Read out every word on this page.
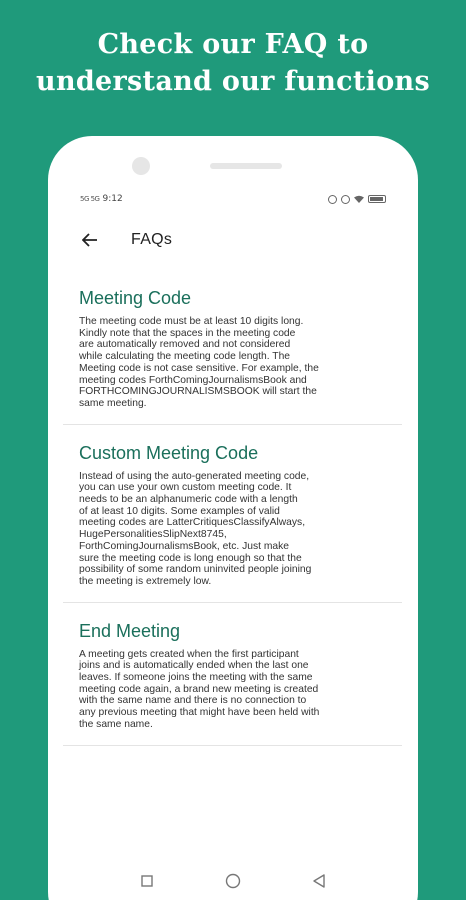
Check our FAQ to
understand our functions
5G 5G 9:12
FAQs
Meeting Code
The meeting code must be at least 10 digits long.
Kindly note that the spaces in the meeting code
are automatically removed and not considered
while calculating the meeting code length. The
Meeting code is not case sensitive. For example, the
meeting codes ForthComingJournalismsBook and
FORTHCOMINGJOURNALISMSBOOK will start the
same meeting.
Custom Meeting Code
Instead of using the auto-generated meeting code,
you can use your own custom meeting code. It
needs to be an alphanumeric code with a length
of at least 10 digits. Some examples of valid
meeting codes are LatterCritiquesClassifyAlways,
HugePersonalitiesSlipNext8745,
ForthComingJournalismsBook, etc. Just make
sure the meeting code is long enough so that the
possibility of some random uninvited people joining
the meeting is extremely low.
End Meeting
A meeting gets created when the first participant
joins and is automatically ended when the last one
leaves. If someone joins the meeting with the same
meeting code again, a brand new meeting is created
with the same name and there is no connection to
any previous meeting that might have been held with
the same name.
